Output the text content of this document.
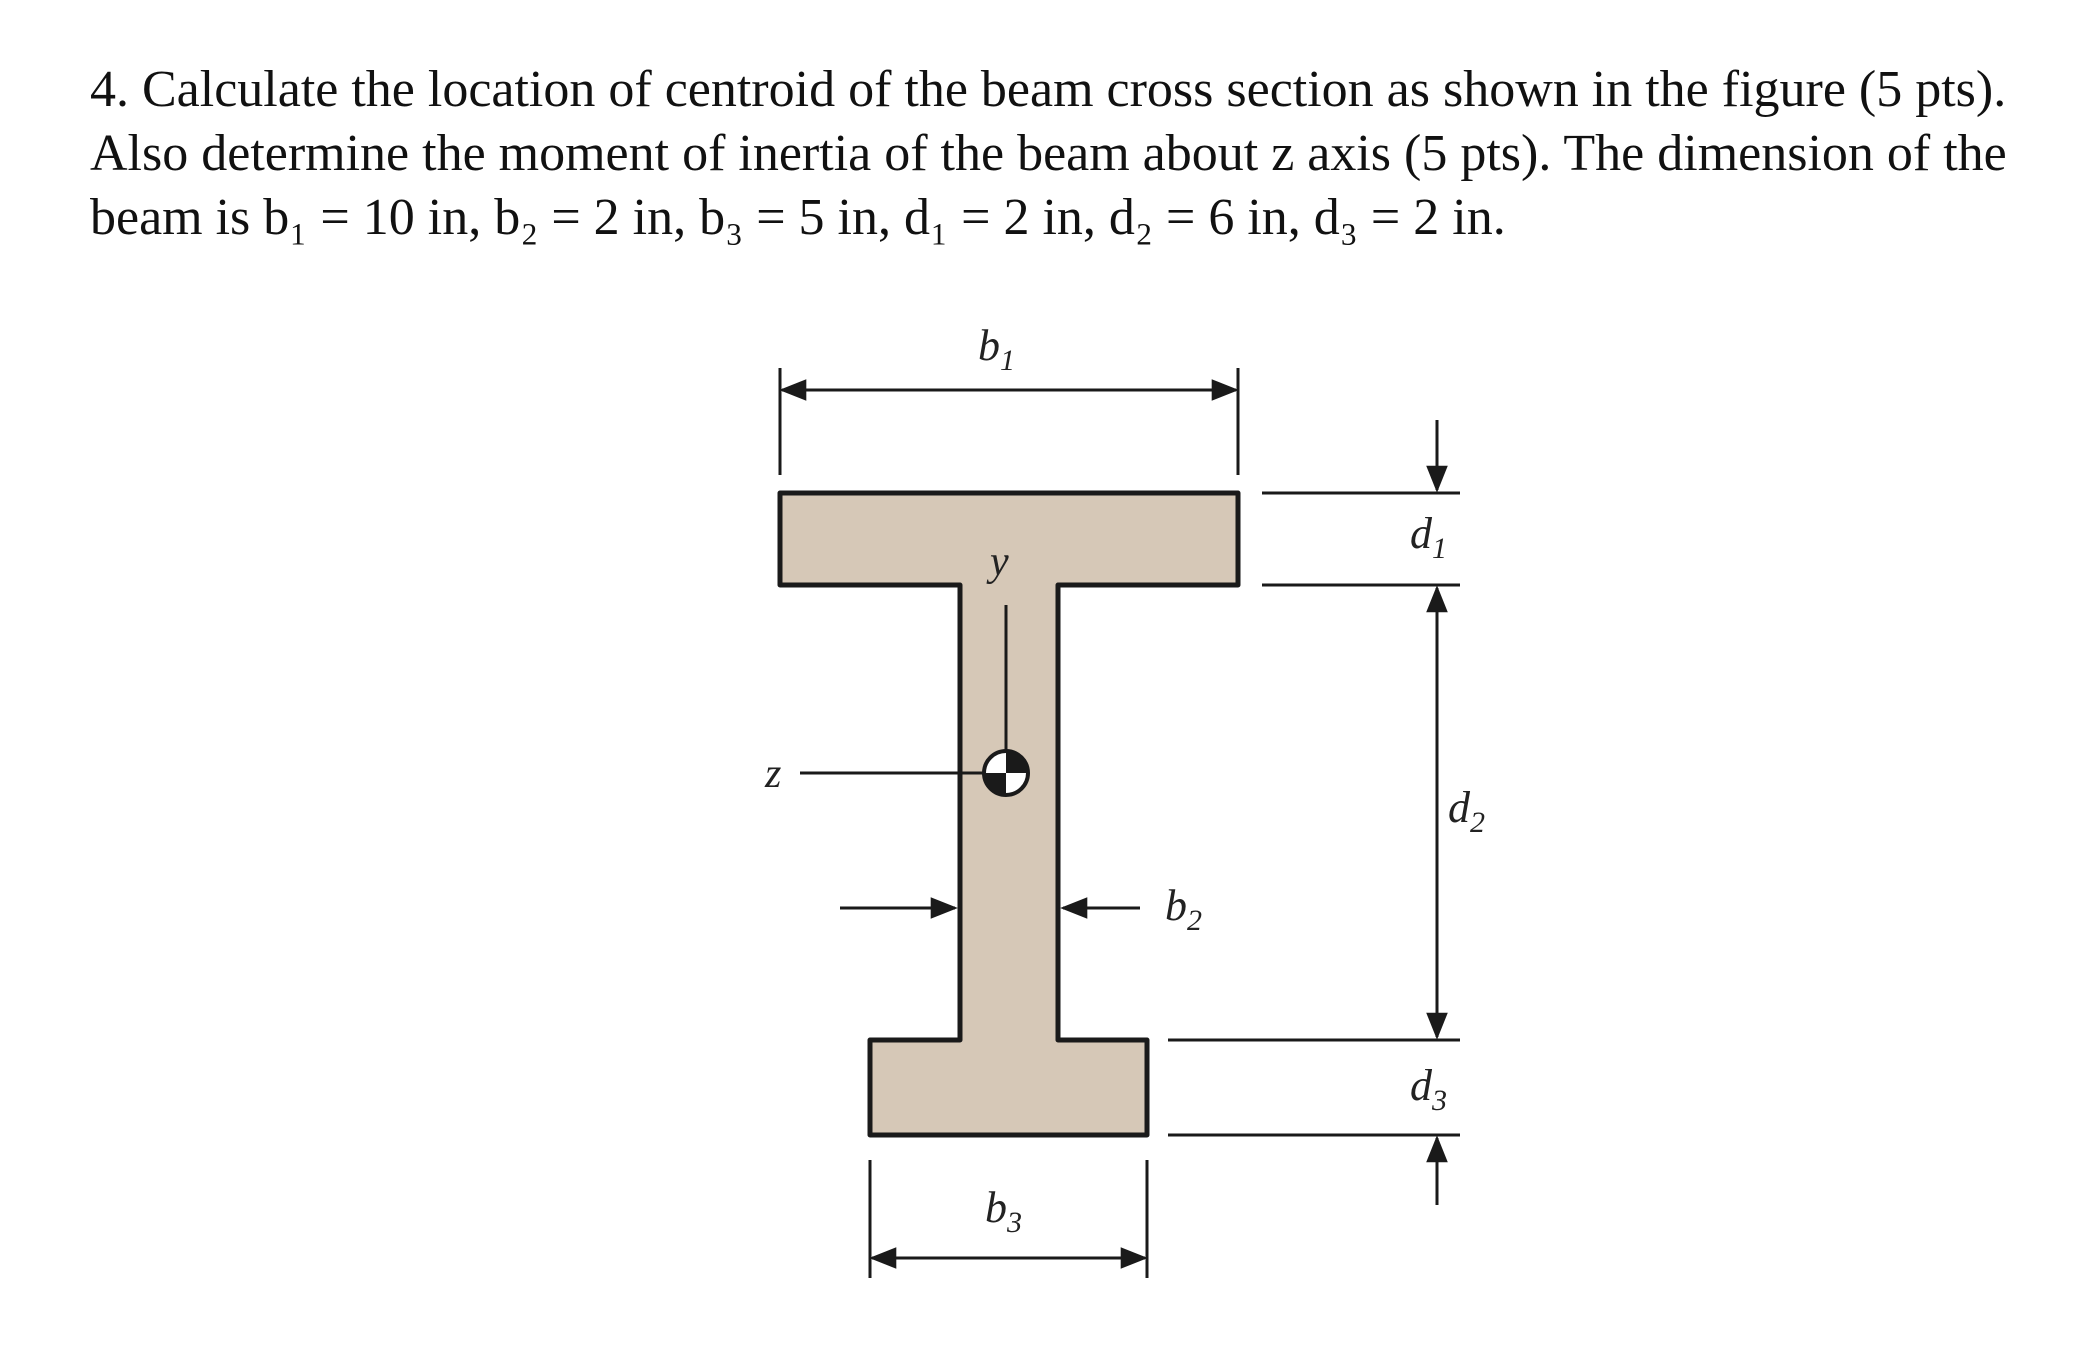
4. Calculate the location of centroid of the beam cross section as shown in the figure (5 pts). Also determine the moment of inertia of the beam about z axis (5 pts). The dimension of the beam is b₁ = 10 in, b₂ = 2 in, b₃ = 5 in, d₁ = 2 in, d₂ = 6 in, d₃ = 2 in.

y
z
$b_1$
$b_2$
$b_3$
$d_1$
$d_2$
$d_3$
